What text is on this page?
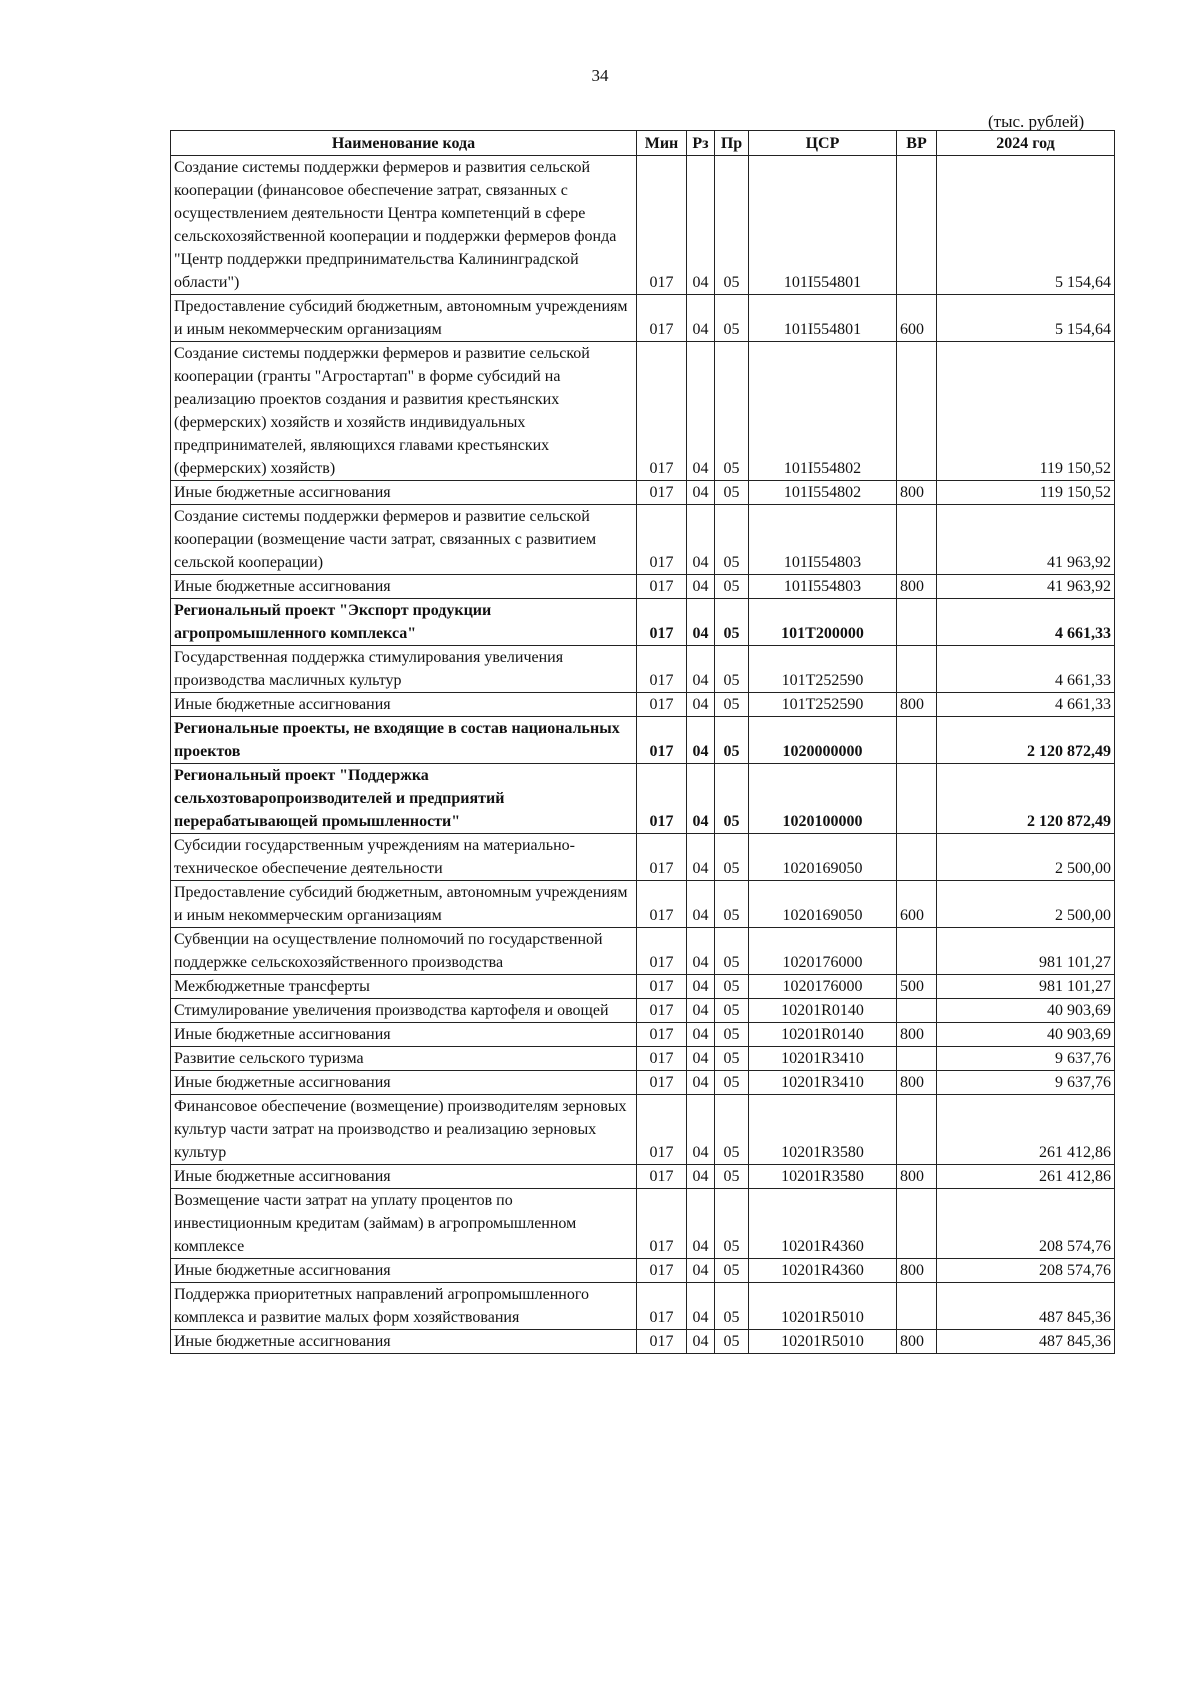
34
(тыс. рублей)
Наименование кода	Мин	Рз	Пр	ЦСР	ВР	2024 год
Создание системы поддержки фермеров и развития сельской кооперации (финансовое обеспечение затрат, связанных с осуществлением деятельности Центра компетенций в сфере сельскохозяйственной кооперации и поддержки фермеров фонда "Центр поддержки предпринимательства Калининградской области")	017	04	05	101I554801		5 154,64
Предоставление субсидий бюджетным, автономным учреждениям и иным некоммерческим организациям	017	04	05	101I554801	600	5 154,64
Создание системы поддержки фермеров и развитие сельской кооперации (гранты "Агростартап" в форме субсидий на реализацию проектов создания и развития крестьянских (фермерских) хозяйств и хозяйств индивидуальных предпринимателей, являющихся главами крестьянских (фермерских) хозяйств)	017	04	05	101I554802		119 150,52
Иные бюджетные ассигнования	017	04	05	101I554802	800	119 150,52
Создание системы поддержки фермеров и развитие сельской кооперации (возмещение части затрат, связанных с развитием сельской кооперации)	017	04	05	101I554803		41 963,92
Иные бюджетные ассигнования	017	04	05	101I554803	800	41 963,92
Региональный проект "Экспорт продукции агропромышленного комплекса"	017	04	05	101T200000		4 661,33
Государственная поддержка стимулирования увеличения производства масличных культур	017	04	05	101T252590		4 661,33
Иные бюджетные ассигнования	017	04	05	101T252590	800	4 661,33
Региональные проекты, не входящие в состав национальных проектов	017	04	05	1020000000		2 120 872,49
Региональный проект "Поддержка сельхозтоваропроизводителей и предприятий перерабатывающей промышленности"	017	04	05	1020100000		2 120 872,49
Субсидии государственным учреждениям на материально-техническое обеспечение деятельности	017	04	05	1020169050		2 500,00
Предоставление субсидий бюджетным, автономным учреждениям и иным некоммерческим организациям	017	04	05	1020169050	600	2 500,00
Субвенции на осуществление полномочий по государственной поддержке сельскохозяйственного производства	017	04	05	1020176000		981 101,27
Межбюджетные трансферты	017	04	05	1020176000	500	981 101,27
Стимулирование увеличения производства картофеля и овощей	017	04	05	10201R0140		40 903,69
Иные бюджетные ассигнования	017	04	05	10201R0140	800	40 903,69
Развитие сельского туризма	017	04	05	10201R3410		9 637,76
Иные бюджетные ассигнования	017	04	05	10201R3410	800	9 637,76
Финансовое обеспечение (возмещение) производителям зерновых культур части затрат на производство и реализацию зерновых культур	017	04	05	10201R3580		261 412,86
Иные бюджетные ассигнования	017	04	05	10201R3580	800	261 412,86
Возмещение части затрат на уплату процентов по инвестиционным кредитам (займам) в агропромышленном комплексе	017	04	05	10201R4360		208 574,76
Иные бюджетные ассигнования	017	04	05	10201R4360	800	208 574,76
Поддержка приоритетных направлений агропромышленного комплекса и развитие малых форм хозяйствования	017	04	05	10201R5010		487 845,36
Иные бюджетные ассигнования	017	04	05	10201R5010	800	487 845,36
